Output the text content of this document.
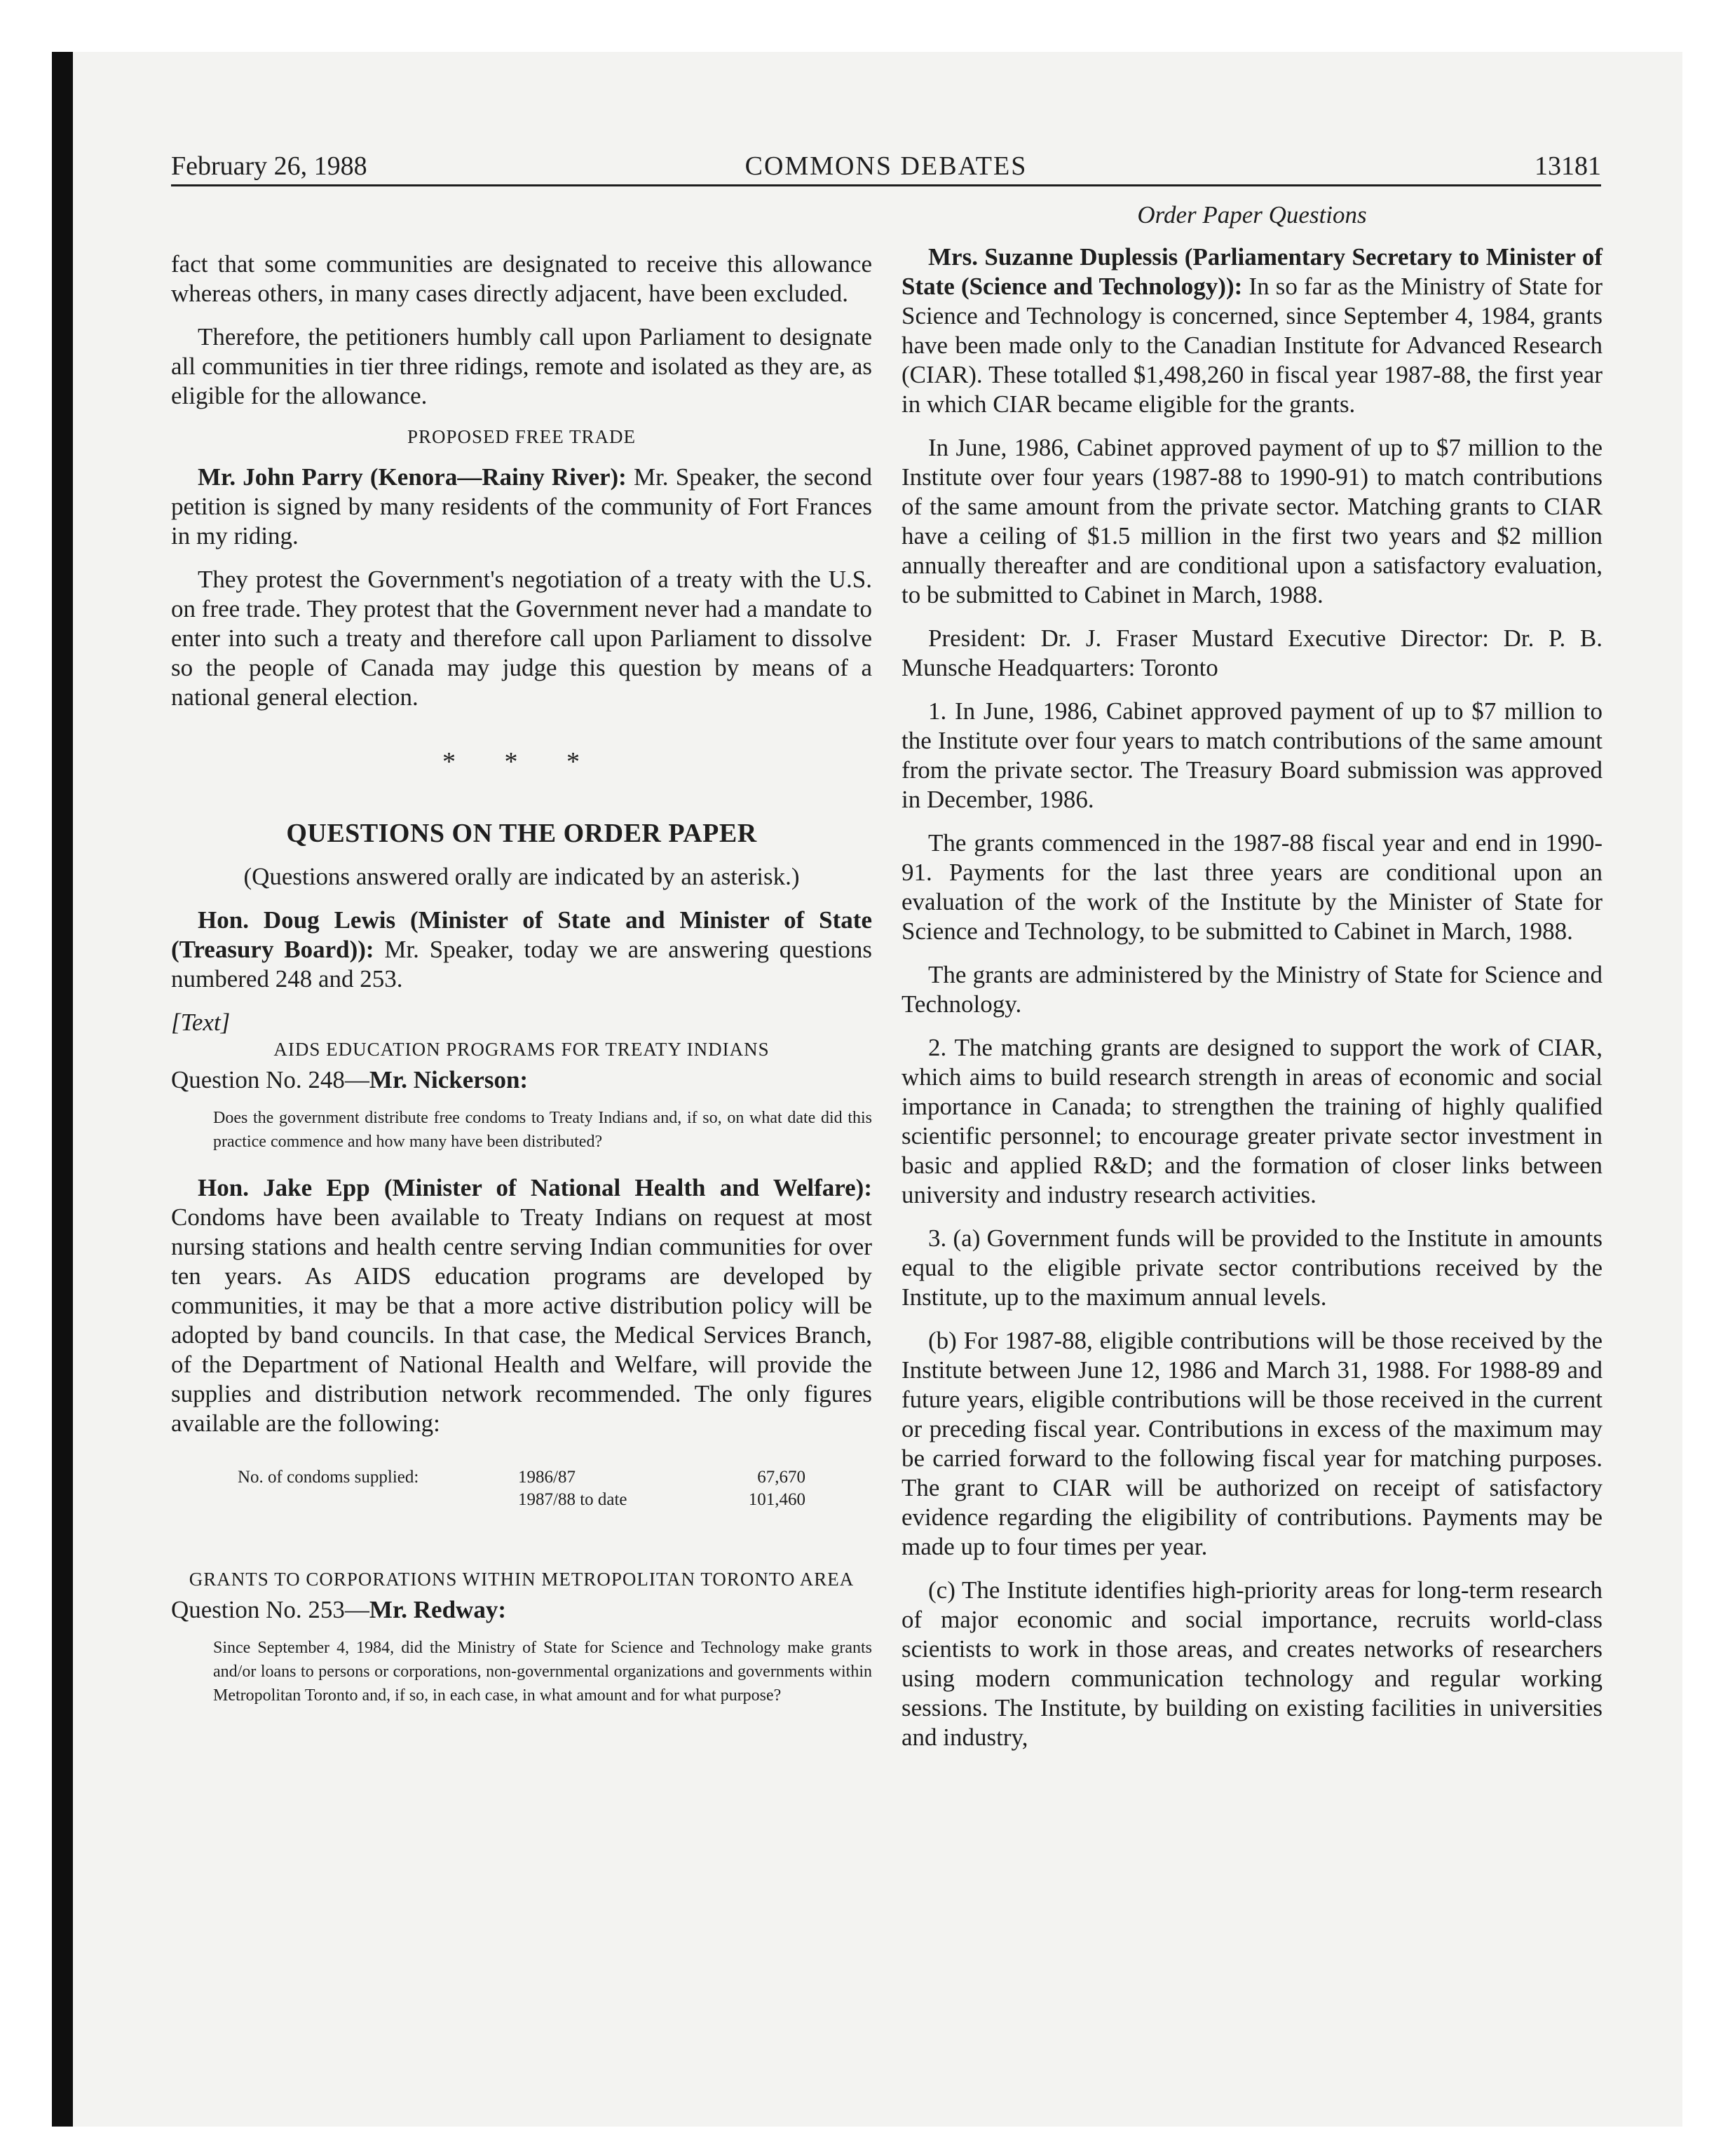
February 26, 1988	COMMONS DEBATES	13181

fact that some communities are designated to receive this allowance whereas others, in many cases directly adjacent, have been excluded.

Therefore, the petitioners humbly call upon Parliament to designate all communities in tier three ridings, remote and isolated as they are, as eligible for the allowance.

PROPOSED FREE TRADE

Mr. John Parry (Kenora—Rainy River): Mr. Speaker, the second petition is signed by many residents of the community of Fort Frances in my riding.

They protest the Government's negotiation of a treaty with the U.S. on free trade. They protest that the Government never had a mandate to enter into such a treaty and therefore call upon Parliament to dissolve so the people of Canada may judge this question by means of a national general election.

* * *
QUESTIONS ON THE ORDER PAPER

(Questions answered orally are indicated by an asterisk.)

Hon. Doug Lewis (Minister of State and Minister of State (Treasury Board)): Mr. Speaker, today we are answering questions numbered 248 and 253.

[Text]
AIDS EDUCATION PROGRAMS FOR TREATY INDIANS

Question No. 248—Mr. Nickerson:

Does the government distribute free condoms to Treaty Indians and, if so, on what date did this practice commence and how many have been distributed?

Hon. Jake Epp (Minister of National Health and Welfare): Condoms have been available to Treaty Indians on request at most nursing stations and health centre serving Indian communities for over ten years. As AIDS education programs are developed by communities, it may be that a more active distribution policy will be adopted by band councils. In that case, the Medical Services Branch, of the Department of National Health and Welfare, will provide the supplies and distribution network recommended. The only figures available are the following:

No. of condoms supplied:	1986/87	67,670
	1987/88 to date	101,460
GRANTS TO CORPORATIONS WITHIN METROPOLITAN TORONTO AREA

Question No. 253—Mr. Redway:

Since September 4, 1984, did the Ministry of State for Science and Technology make grants and/or loans to persons or corporations, non-governmental organizations and governments within Metropolitan Toronto and, if so, in each case, in what amount and for what purpose?

Order Paper Questions

Mrs. Suzanne Duplessis (Parliamentary Secretary to Minister of State (Science and Technology)): In so far as the Ministry of State for Science and Technology is concerned, since September 4, 1984, grants have been made only to the Canadian Institute for Advanced Research (CIAR). These totalled $1,498,260 in fiscal year 1987-88, the first year in which CIAR became eligible for the grants.

In June, 1986, Cabinet approved payment of up to $7 million to the Institute over four years (1987-88 to 1990-91) to match contributions of the same amount from the private sector. Matching grants to CIAR have a ceiling of $1.5 million in the first two years and $2 million annually thereafter and are conditional upon a satisfactory evaluation, to be submitted to Cabinet in March, 1988.

President: Dr. J. Fraser Mustard Executive Director: Dr. P. B. Munsche Headquarters: Toronto

1. In June, 1986, Cabinet approved payment of up to $7 million to the Institute over four years to match contributions of the same amount from the private sector. The Treasury Board submission was approved in December, 1986.

The grants commenced in the 1987-88 fiscal year and end in 1990-91. Payments for the last three years are conditional upon an evaluation of the work of the Institute by the Minister of State for Science and Technology, to be submitted to Cabinet in March, 1988.

The grants are administered by the Ministry of State for Science and Technology.

2. The matching grants are designed to support the work of CIAR, which aims to build research strength in areas of economic and social importance in Canada; to strengthen the training of highly qualified scientific personnel; to encourage greater private sector investment in basic and applied R&D; and the formation of closer links between university and industry research activities.

3. (a) Government funds will be provided to the Institute in amounts equal to the eligible private sector contributions received by the Institute, up to the maximum annual levels.

(b) For 1987-88, eligible contributions will be those received by the Institute between June 12, 1986 and March 31, 1988. For 1988-89 and future years, eligible contributions will be those received in the current or preceding fiscal year. Contributions in excess of the maximum may be carried forward to the following fiscal year for matching purposes. The grant to CIAR will be authorized on receipt of satisfactory evidence regarding the eligibility of contributions. Payments may be made up to four times per year.

(c) The Institute identifies high-priority areas for long-term research of major economic and social importance, recruits world-class scientists to work in those areas, and creates networks of researchers using modern communication technology and regular working sessions. The Institute, by building on existing facilities in universities and industry,
